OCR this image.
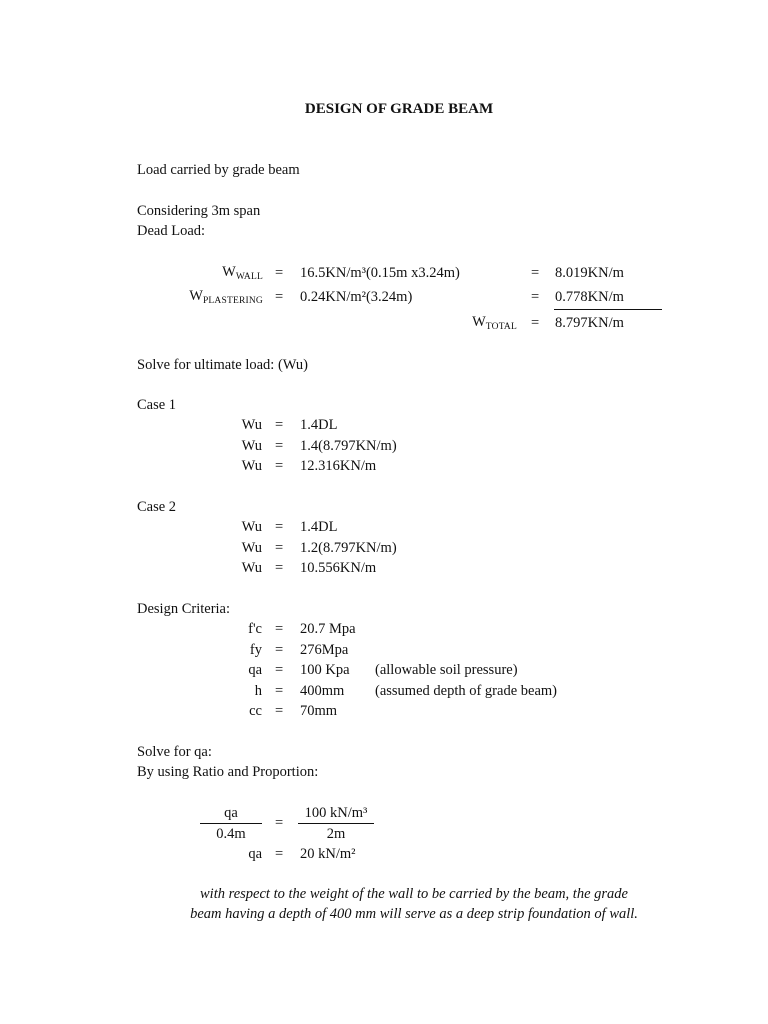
DESIGN OF GRADE BEAM
Load carried by grade beam
Considering 3m span
Dead Load:
$W_{WALL} = 16.5KN/m^3(0.15m$ x3.24m)	= 8.019KN/m
$W_{PLASTERING} = 0.24KN/m^2(3.24m)$	= 0.778KN/m
$W_{TOTAL} = 8.797KN/m$
Solve for ultimate load: (Wu)
Case 1
Wu = 1.4DL
Wu = 1.4(8.797KN/m)
Wu = 12.316KN/m
Case 2
Wu = 1.4DL
Wu = 1.2(8.797KN/m)
Wu = 10.556KN/m
Design Criteria:
f'c = 20.7 Mpa
fy = 276Mpa
qa = 100 Kpa (allowable soil pressure)
h = 400mm (assumed depth of grade beam)
cc = 70mm
Solve for qa:
By using Ratio and Proportion:
qa
0.4m
=
100 kN/m³
2m
qa = 20 kN/m²
with respect to the weight of the wall to be carried by the beam, the grade
beam having a depth of 400 mm will serve as a deep strip foundation of wall.
